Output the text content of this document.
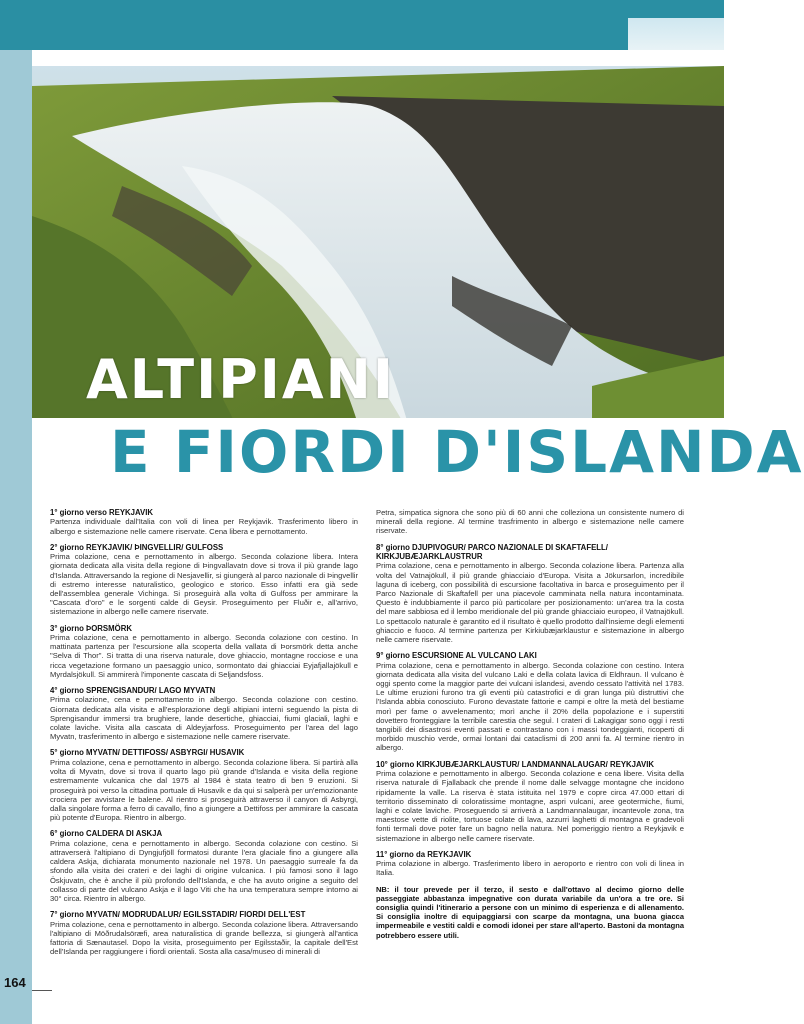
ALTIPIANI
E FIORDI D'ISLANDA
1° giorno verso REYKJAVIK

Partenza individuale dall'Italia con voli di linea per Reykjavik. Trasferimento libero in albergo e sistemazione nelle camere riservate. Cena libera e pernottamento.

2° giorno REYKJAVIK/ ÞINGVELLIR/ GULFOSS

Prima colazione, cena e pernottamento in albergo. Seconda colazione libera. Intera giornata dedicata alla visita della regione di Þingvallavatn dove si trova il più grande lago d'Islanda. Attraversando la regione di Nesjavellir, si giungerà al parco nazionale di Þingvellir di estremo interesse naturalistico, geologico e storico. Esso infatti era già sede dell'assemblea generale Vichinga. Si proseguirà alla volta di Gulfoss per ammirare la "Cascata d'oro" e le sorgenti calde di Geysir. Proseguimento per Fluðir e, all'arrivo, sistemazione in albergo nelle camere riservate.

3° giorno ÞORSMÖRK

Prima colazione, cena e pernottamento in albergo. Seconda colazione con cestino. In mattinata partenza per l'escursione alla scoperta della vallata di Þorsmörk detta anche "Selva di Thor". Si tratta di una riserva naturale, dove ghiaccio, montagne rocciose e una ricca vegetazione formano un paesaggio unico, sormontato dai ghiacciai Eyjafjallajökull e Myrdalsjökull. Si ammirerà l'imponente cascata di Seljandsfoss.

4° giorno SPRENGISANDUR/ LAGO MYVATN

Prima colazione, cena e pernottamento in albergo. Seconda colazione con cestino. Giornata dedicata alla visita e all'esplorazione degli altipiani interni seguendo la pista di Sprengisandur immersi tra brughiere, lande desertiche, ghiacciai, fiumi glaciali, laghi e colate laviche. Visita alla cascata di Aldeyjarfoss. Proseguimento per l'area del lago Myvatn, trasferimento in albergo e sistemazione nelle camere riservate.

5° giorno MYVATN/ DETTIFOSS/ ASBYRGI/ HUSAVIK

Prima colazione, cena e pernottamento in albergo. Seconda colazione libera. Si partirà alla volta di Myvatn, dove si trova il quarto lago più grande d'Islanda e visita della regione estremamente vulcanica che dal 1975 al 1984 è stata teatro di ben 9 eruzioni. Si proseguirà poi verso la cittadina portuale di Husavik e da qui si salperà per un'emozionante crociera per avvistare le balene. Al rientro si proseguirà attraverso il canyon di Asbyrgi, dalla singolare forma a ferro di cavallo, fino a giungere a Dettifoss per ammirare la cascata più potente d'Europa. Rientro in albergo.

6° giorno CALDERA DI ASKJA

Prima colazione, cena e pernottamento in albergo. Seconda colazione con cestino. Si attraverserà l'altipiano di Dyngjufjöll formatosi durante l'era glaciale fino a giungere alla caldera Askja, dichiarata monumento nazionale nel 1978. Un paesaggio surreale fa da sfondo alla visita dei crateri e dei laghi di origine vulcanica. I più famosi sono il lago Öskjuvatn, che è anche il più profondo dell'Islanda, e che ha avuto origine a seguito del collasso di parte del vulcano Askja e il lago Viti che ha una temperatura sempre intorno ai 30° circa. Rientro in albergo.

7° giorno MYVATN/ MODRUDALUR/ EGILSSTADIR/ FIORDI DELL'EST

Prima colazione, cena e pernottamento in albergo. Seconda colazione libera. Attraversando l'altipiano di Möðrudalsöræfi, area naturalistica di grande bellezza, si giungerà all'antica fattoria di Sænautasel. Dopo la visita, proseguimento per Egilsstaðir, la capitale dell'Est dell'Islanda per raggiungere i fiordi orientali. Sosta alla casa/museo di minerali di

Petra, simpatica signora che sono più di 60 anni che colleziona un consistente numero di minerali della regione. Al termine trasfrimento in albergo e sistemazione nelle camere riservate.

8° giorno DJUPIVOGUR/ PARCO NAZIONALE DI SKAFTAFELL/ KIRKJUBÆJARKLAUSTRUR

Prima colazione, cena e pernottamento in albergo. Seconda colazione libera. Partenza alla volta del Vatnajökull, il più grande ghiacciaio d'Europa. Visita a Jökursarlon, incredibile laguna di iceberg, con possibilità di escursione facoltativa in barca e proseguimento per il Parco Nazionale di Skaftafell per una piacevole camminata nella natura incontaminata. Questo è indubbiamente il parco più particolare per posizionamento: un'area tra la costa del mare sabbiosa ed il lembo meridionale del più grande ghiacciaio europeo, il Vatnajökull. Lo spettacolo naturale è garantito ed il risultato è quello prodotto dall'insieme degli elementi ghiaccio e fuoco. Al termine partenza per Kirkiubæjarklaustur e sistemazione in albergo nelle camere riservate.

9° giorno ESCURSIONE AL VULCANO LAKI

Prima colazione, cena e pernottamento in albergo. Seconda colazione con cestino. Intera giornata dedicata alla visita del vulcano Laki e della colata lavica di Eldhraun. Il vulcano è oggi spento come la maggior parte dei vulcani islandesi, avendo cessato l'attività nel 1783. Le ultime eruzioni furono tra gli eventi più catastrofici e di gran lunga più distruttivi che l'Islanda abbia conosciuto. Furono devastate fattorie e campi e oltre la metà del bestiame morì per fame o avvelenamento; morì anche il 20% della popolazione e i superstiti dovettero fronteggiare la terribile carestia che seguì. I crateri di Lakagigar sono oggi i resti tangibili dei disastrosi eventi passati e contrastano con i massi tondeggianti, ricoperti di morbido muschio verde, ormai lontani dai cataclismi di 200 anni fa. Al termine rientro in albergo.

10° giorno KIRKJUBÆJARKLAUSTUR/ LANDMANNALAUGAR/ REYKJAVIK

Prima colazione e pernottamento in albergo. Seconda colazione e cena libere. Visita della riserva naturale di Fjallaback che prende il nome dalle selvagge montagne che incidono ripidamente la valle. La riserva è stata istituita nel 1979 e copre circa 47.000 ettari di territorio disseminato di coloratissime montagne, aspri vulcani, aree geotermiche, fiumi, laghi e colate laviche. Proseguendo si arriverà a Landmannalaugar, incantevole zona, tra maestose vette di riolite, tortuose colate di lava, azzurri laghetti di montagna e gradevoli fonti termali dove poter fare un bagno nella natura. Nel pomeriggio rientro a Reykjavik e sistemazione in albergo nelle camere riservate.

11° giorno da REYKJAVIK

Prima colazione in albergo. Trasferimento libero in aeroporto e rientro con voli di linea in Italia.

NB: il tour prevede per il terzo, il sesto e dall'ottavo al decimo giorno delle passeggiate abbastanza impegnative con durata variabile da un'ora a tre ore. Si consiglia quindi l'itinerario a persone con un minimo di esperienza e di allenamento. Si consiglia inoltre di equipaggiarsi con scarpe da montagna, una buona giacca impermeabile e vestiti caldi e comodi idonei per stare all'aperto. Bastoni da montagna potrebbero essere utili.

164
